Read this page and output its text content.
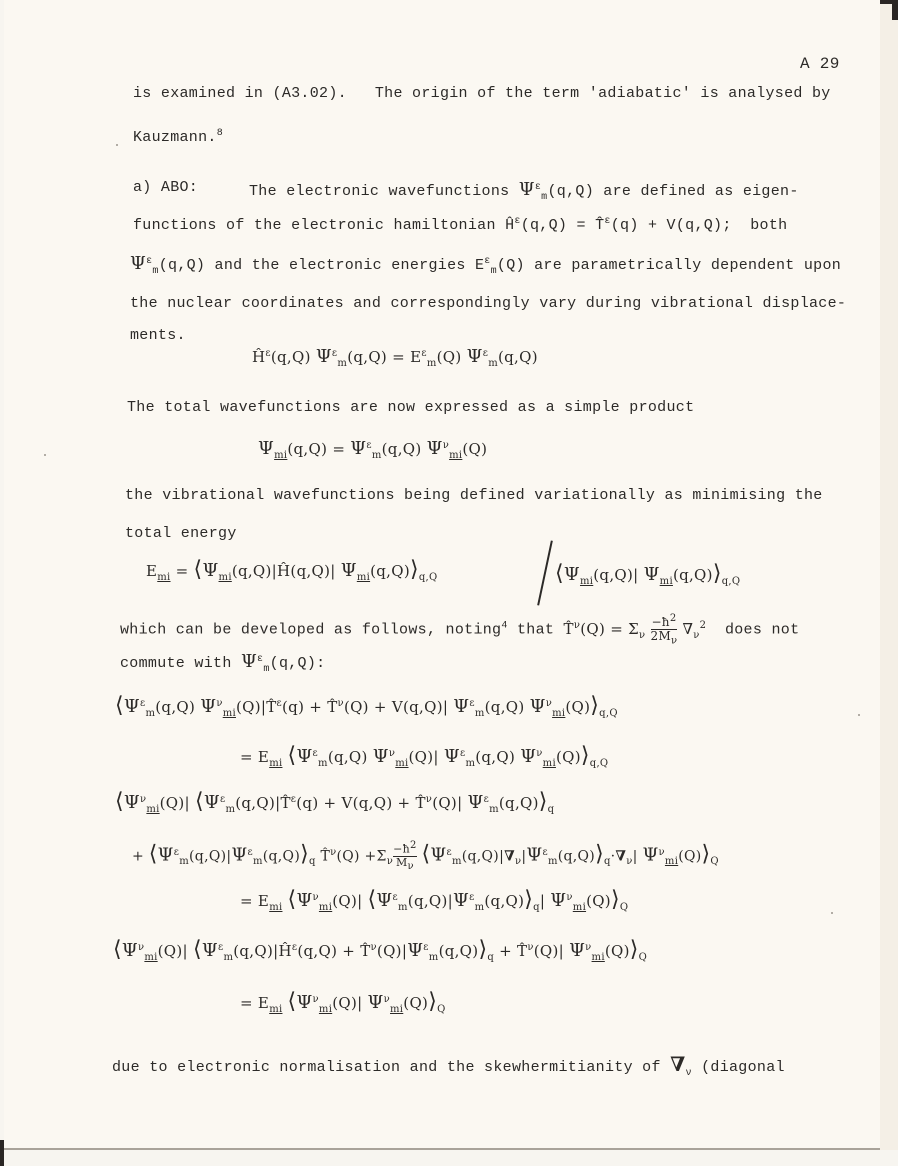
A 29
is examined in (A3.02).   The origin of the term 'adiabatic' is analysed by
Kauzmann.$^8$
a) ABO:	The electronic wavefunctions $\Psi^\varepsilon_m(q,Q)$ are defined as eigen-
functions of the electronic hamiltonian $Ĥ^\varepsilon(q,Q)$ = T̂$^\varepsilon$(q) + V(q,Q);  both
$\Psi^\varepsilon_m(q,Q)$ and the electronic energies $E^\varepsilon_m(Q)$ are parametrically dependent upon
the nuclear coordinates and correspondingly vary during vibrational displace-
ments.
$Ĥ^\varepsilon(q,Q) \Psi^\varepsilon_m(q,Q) = E^\varepsilon_m(Q)$ $\Psi^\varepsilon_m(q,Q)$
The total wavefunctions are now expressed as a simple product
$\Psi_{mi}(q,Q) = \Psi^\varepsilon_m(q,Q)$ $\Psi^\nu_{mi}(Q)$
the vibrational wavefunctions being defined variationally as minimising the
total energy
$E_{mi}$ = $⟨\Psi_{mi}(q,Q)|Ĥ(q,Q)|$ $\Psi_{mi}(q,Q)⟩_{q,Q}$	$⟨\Psi_{mi}(q,Q)|$ $\Psi_{mi}(q,Q)⟩_{q,Q}$
which can be developed as follows, noting$^4$ that T̂$^\nu$(Q) = $\Sigma_\nu \frac{-ħ^2}{2M_\nu} \nabla_\nu^2$ does not
commute with $\Psi^\varepsilon_m(q,Q)$:
$⟨\Psi^\varepsilon_m(q,Q)$ $\Psi^\nu_{mi}(Q)|T̂^\varepsilon(q)$ + T̂$^\nu$(Q) + V(q,Q)| $\Psi^\varepsilon_m(q,Q)$ $\Psi^\nu_{mi}(Q)⟩_{q,Q}$
= $E_{mi}$ $⟨\Psi^\varepsilon_m(q,Q)$ $\Psi^\nu_{mi}(Q)|$ $\Psi^\varepsilon_m(q,Q)$ $\Psi^\nu_{mi}(Q)⟩_{q,Q}$
$⟨\Psi^\nu_{mi}(Q)|$ $⟨\Psi^\varepsilon_m(q,Q)|T̂^\varepsilon(q) + V(q,Q)$ + T̂$^\nu$(Q)| $\Psi^\varepsilon_m(q,Q)⟩_q$
+ $⟨\Psi^\varepsilon_m(q,Q)|\Psi^\varepsilon_m(q,Q)⟩_q$ T̂$^\nu$(Q) $+\Sigma_\nu \frac{-ħ^2}{M_\nu}$ $⟨\Psi^\varepsilon_m(q,Q)|\nabla_\nu|\Psi^\varepsilon_m(q,Q)⟩_q\cdot\nabla_\nu|$ $\Psi^\nu_{mi}(Q)⟩_Q$
= $E_{mi}$ $⟨\Psi^\nu_{mi}(Q)|$ $⟨\Psi^\varepsilon_m(q,Q)|\Psi^\varepsilon_m(q,Q)⟩_q|$ $\Psi^\nu_{mi}(Q)⟩_Q$
$⟨\Psi^\nu_{mi}(Q)|$ $⟨\Psi^\varepsilon_m(q,Q)|Ĥ^\varepsilon(q,Q)$ + $T̂^\nu(Q)|\Psi^\varepsilon_m(q,Q)⟩_q$ + T̂$^\nu$(Q)| $\Psi^\nu_{mi}(Q)⟩_Q$
= $E_{mi}$ $⟨\Psi^\nu_{mi}(Q)|$ $\Psi^\nu_{mi}(Q)⟩_Q$
due to electronic normalisation and the skewhermitianity of $\nabla_\nu$ (diagonal
